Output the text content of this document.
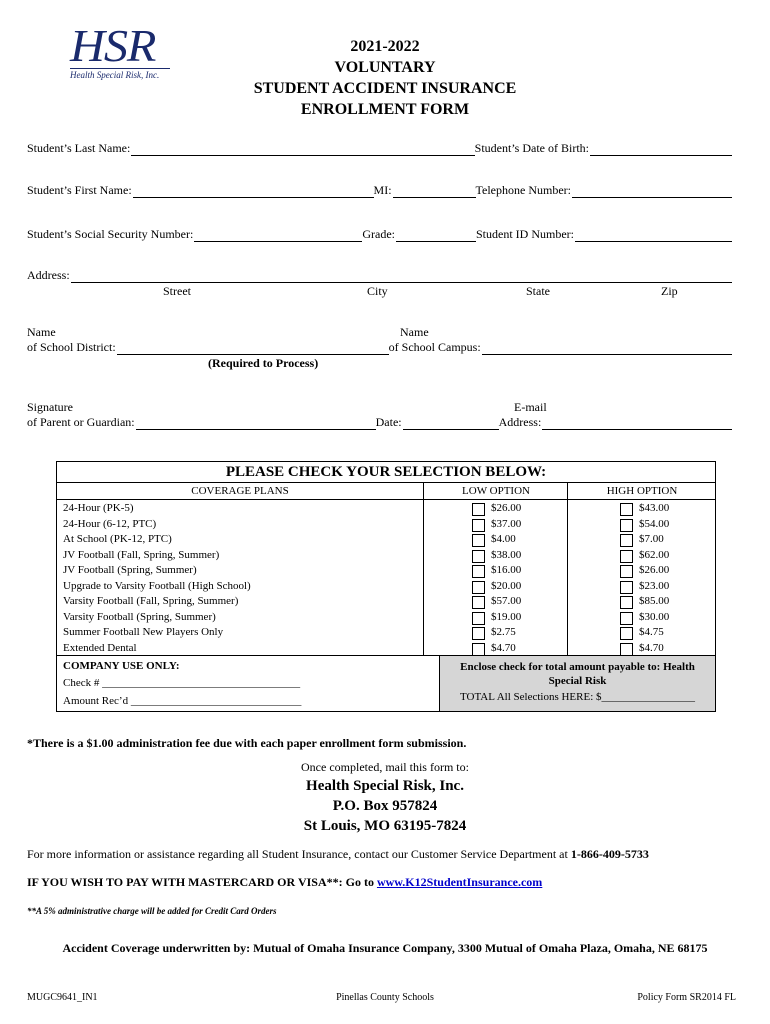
HSR
Health Special Risk, Inc.
2021-2022
VOLUNTARY
STUDENT ACCIDENT INSURANCE
ENROLLMENT FORM
Student’s Last Name:	Student’s Date of Birth:
Student’s First Name:	MI:	Telephone Number:
Student’s Social Security Number:	Grade:	Student ID Number:
Address:
Street	City	State	Zip
Name	Name
of School District:	of School Campus:
(Required to Process)
Signature	E-mail
of Parent or Guardian:	Date:	Address:
PLEASE CHECK YOUR SELECTION BELOW:
COVERAGE PLANS	LOW OPTION	HIGH OPTION
24-Hour (PK-5)	$26.00	$43.00
24-Hour (6-12, PTC)	$37.00	$54.00
At School (PK-12, PTC)	$4.00	$7.00
JV Football (Fall, Spring, Summer)	$38.00	$62.00
JV Football (Spring, Summer)	$16.00	$26.00
Upgrade to Varsity Football (High School)	$20.00	$23.00
Varsity Football (Fall, Spring, Summer)	$57.00	$85.00
Varsity Football (Spring, Summer)	$19.00	$30.00
Summer Football New Players Only	$2.75	$4.75
Extended Dental	$4.70	$4.70
COMPANY USE ONLY:
Check # ____________________________________
Amount Rec’d _______________________________
Enclose check for total amount payable to: Health Special Risk
TOTAL All Selections HERE: $_________________
*There is a $1.00 administration fee due with each paper enrollment form submission.
Once completed, mail this form to:
Health Special Risk, Inc.
P.O. Box 957824
St Louis, MO 63195-7824
For more information or assistance regarding all Student Insurance, contact our Customer Service Department at 1-866-409-5733
IF YOU WISH TO PAY WITH MASTERCARD OR VISA**: Go to www.K12StudentInsurance.com
**A 5% administrative charge will be added for Credit Card Orders
Accident Coverage underwritten by: Mutual of Omaha Insurance Company, 3300 Mutual of Omaha Plaza, Omaha, NE 68175
MUGC9641_IN1	Pinellas County Schools	Policy Form SR2014 FL
